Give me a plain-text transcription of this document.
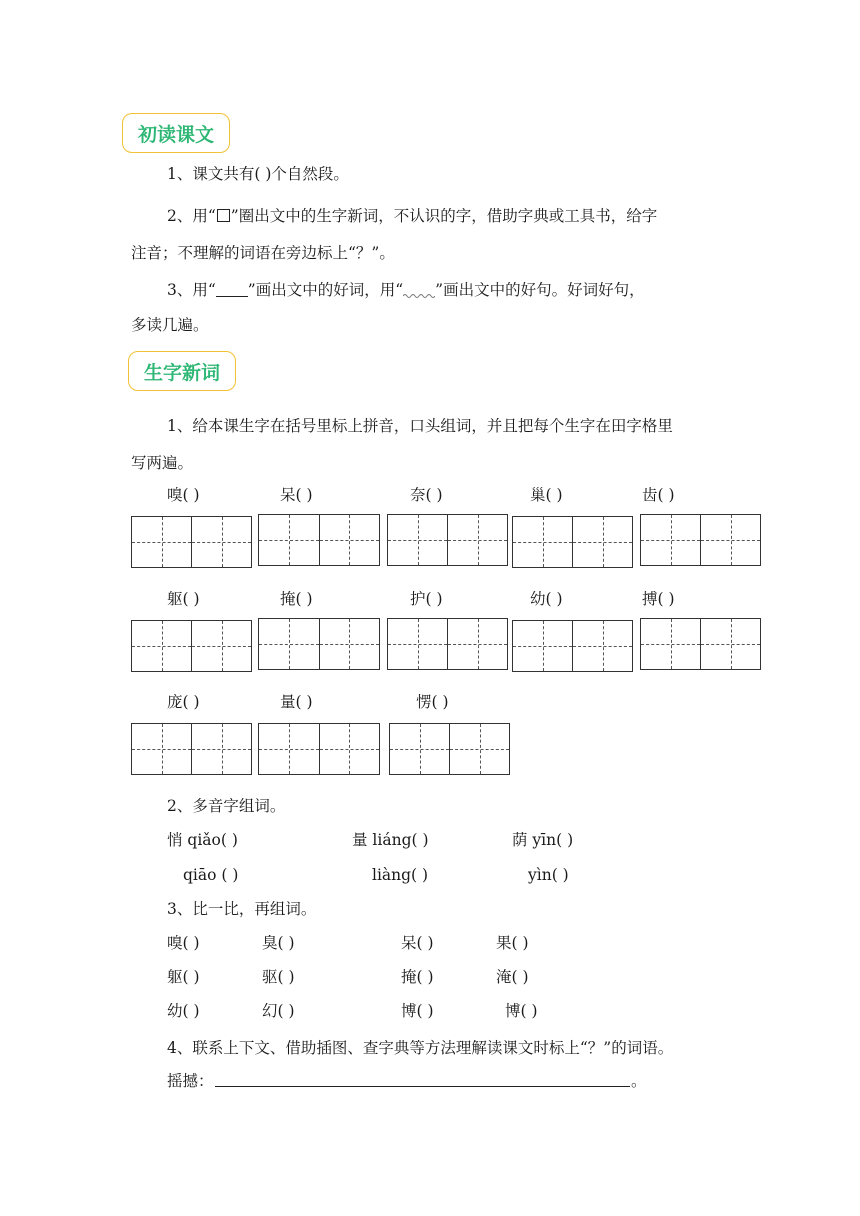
初读课文
1、课文共有( )个自然段。
2、用“ ”圈出文中的生字新词，不认识的字，借助字典或工具书，给字
注音；不理解的词语在旁边标上“？”。
3、用“ ”画出文中的好词，用“ ”画出文中的好句。好词好句，
多读几遍。
生字新词
1、给本课生字在括号里标上拼音，口头组词，并且把每个生字在田字格里
写两遍。
嗅( )	呆( )	奈( )	巢( )	齿( )
躯( )	掩( )	护( )	幼( )	搏( )
庞( )	量( )	愣( )
2、多音字组词。
悄 qiǎo( )	量 liáng( )	荫 yīn( )
qiāo ( )	liàng( )	yìn( )
3、比一比，再组词。
嗅( )	臭( )	呆( )	果( )
躯( )	驱( )	掩( )	淹( )
幼( )	幻( )	博( )	博( )
4、联系上下文、借助插图、查字典等方法理解读课文时标上“？”的词语。
摇撼：	。
